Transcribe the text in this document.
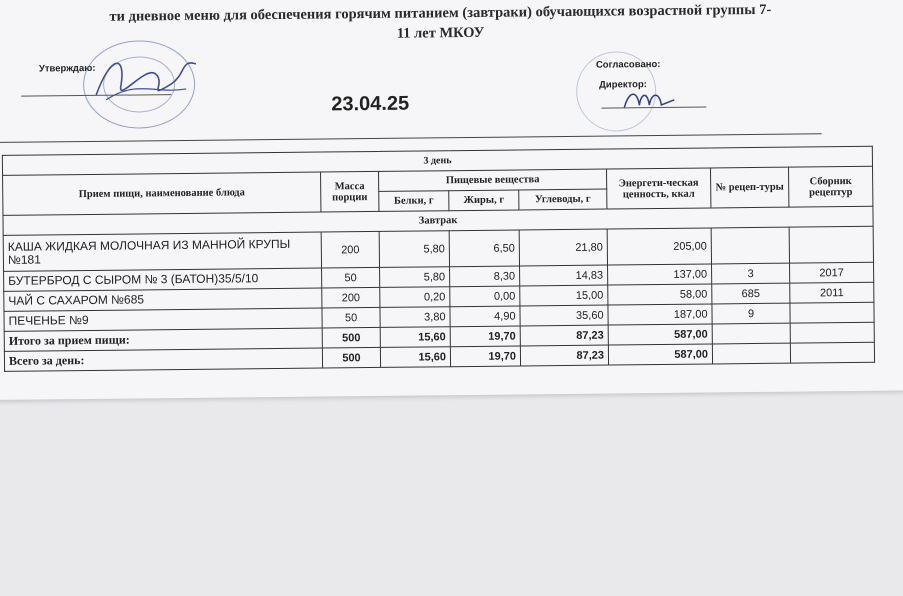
ти дневное меню для обеспечения горячим питанием (завтраки) обучающихся возрастной группы 7-
11 лет МКОУ
Утверждаю:	Согласовано:
Директор:
23.04.25
3 день							
Прием пищи, наименование блюда	Масса порции	Пищевые вещества			Энергети-ческая ценность, ккал	№ рецеп-туры	Сборник рецептур
		Белки, г	Жиры, г	Углеводы, г			
Завтрак							
КАША ЖИДКАЯ МОЛОЧНАЯ ИЗ МАННОЙ КРУПЫ №181	200	5,80	6,50	21,80	205,00		
БУТЕРБРОД С СЫРОМ № 3 (БАТОН)35/5/10	50	5,80	8,30	14,83	137,00	3	2017
ЧАЙ С САХАРОМ №685	200	0,20	0,00	15,00	58,00	685	2011
ПЕЧЕНЬЕ №9	50	3,80	4,90	35,60	187,00	9	
Итого за прием пищи:	500	15,60	19,70	87,23	587,00		
Всего за день:	500	15,60	19,70	87,23	587,00		
